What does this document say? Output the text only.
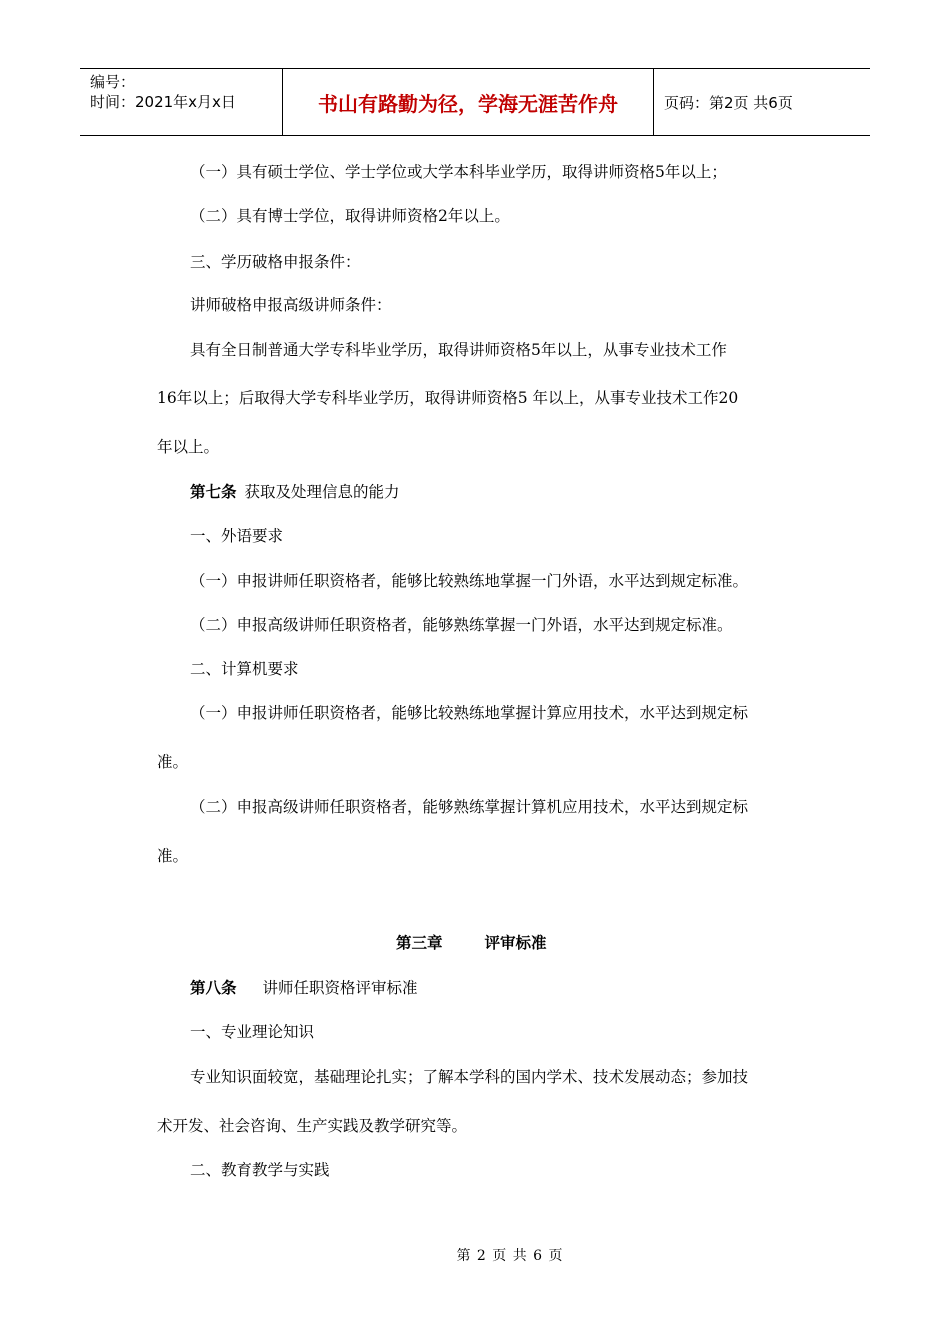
编号：
时间：2021年x月x日	书山有路勤为径，学海无涯苦作舟	页码：第2页 共6页
（一）具有硕士学位、学士学位或大学本科毕业学历，取得讲师资格5年以上；
（二）具有博士学位，取得讲师资格2年以上。
三、学历破格申报条件：
讲师破格申报高级讲师条件：
具有全日制普通大学专科毕业学历，取得讲师资格5年以上，从事专业技术工作
16年以上；后取得大学专科毕业学历，取得讲师资格5 年以上，从事专业技术工作20
年以上。
第七条 获取及处理信息的能力
一、外语要求
（一）申报讲师任职资格者，能够比较熟练地掌握一门外语，水平达到规定标准。
（二）申报高级讲师任职资格者，能够熟练掌握一门外语，水平达到规定标准。
二、计算机要求
（一）申报讲师任职资格者，能够比较熟练地掌握计算应用技术，水平达到规定标
准。
（二）申报高级讲师任职资格者，能够熟练掌握计算机应用技术，水平达到规定标
准。
第三章	评审标准
第八条 讲师任职资格评审标准
一、专业理论知识
专业知识面较宽，基础理论扎实；了解本学科的国内学术、技术发展动态；参加技
术开发、社会咨询、生产实践及教学研究等。
二、教育教学与实践
第 2 页 共 6 页
